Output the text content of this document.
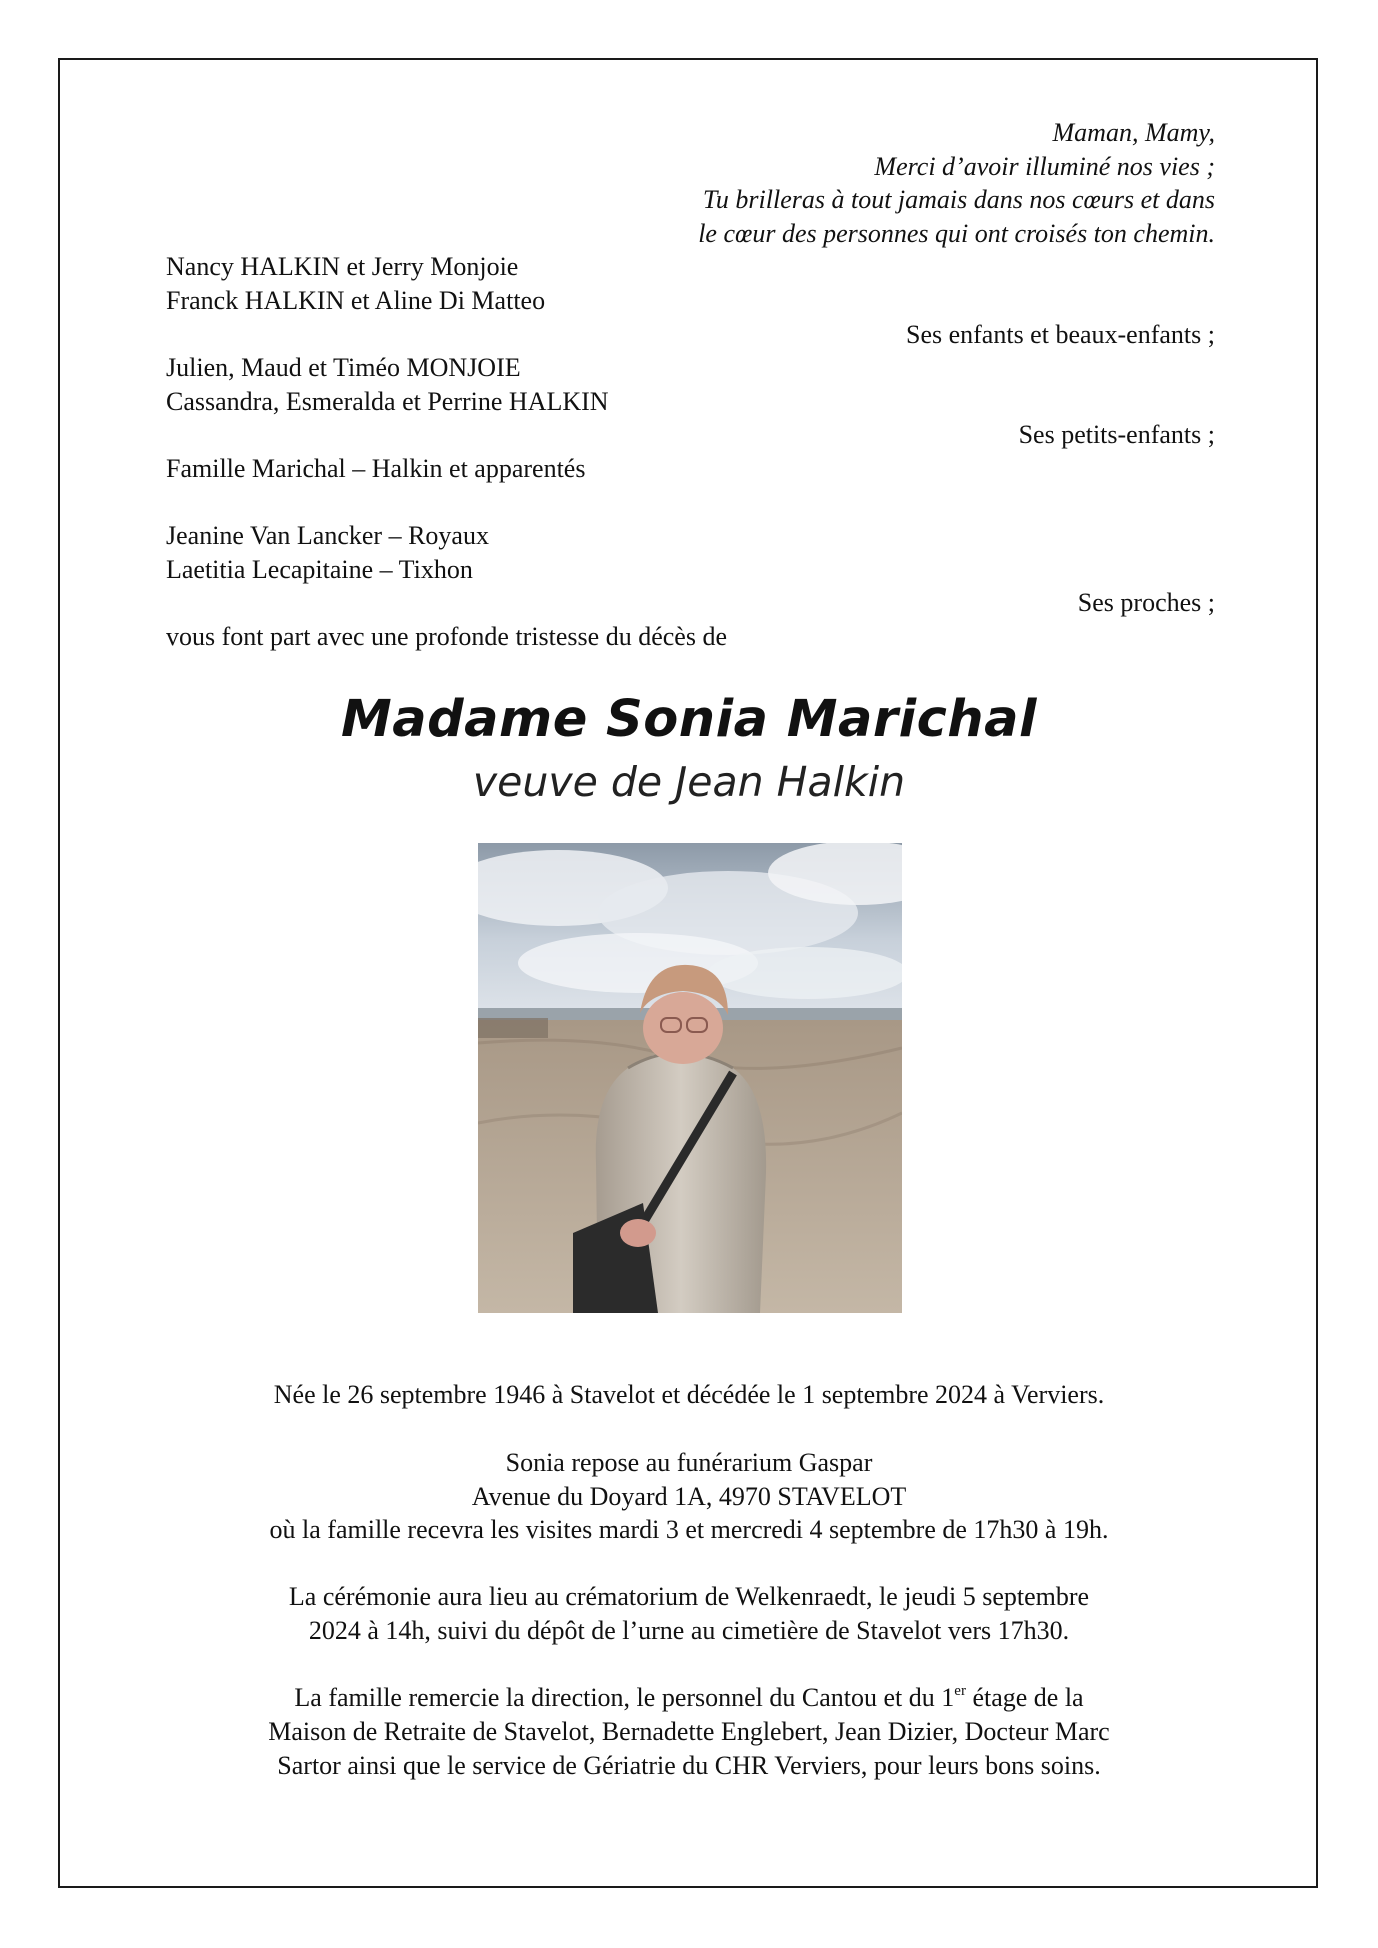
Maman, Mamy,
Merci d’avoir illuminé nos vies ;
Tu brilleras à tout jamais dans nos cœurs et dans
le cœur des personnes qui ont croisés ton chemin.
Nancy HALKIN et Jerry Monjoie
Franck HALKIN et Aline Di Matteo
Ses enfants et beaux-enfants ;
Julien, Maud et Timéo MONJOIE
Cassandra, Esmeralda et Perrine HALKIN
Ses petits-enfants ;
Famille Marichal – Halkin et apparentés
Jeanine Van Lancker – Royaux
Laetitia Lecapitaine – Tixhon
Ses proches ;
vous font part avec une profonde tristesse du décès de
Madame Sonia Marichal
veuve de Jean Halkin
Née le 26 septembre 1946 à Stavelot et décédée le 1 septembre 2024 à Verviers.
Sonia repose au funérarium Gaspar
Avenue du Doyard 1A, 4970 STAVELOT
où la famille recevra les visites mardi 3 et mercredi 4 septembre de 17h30 à 19h.
La cérémonie aura lieu au crématorium de Welkenraedt, le jeudi 5 septembre
2024 à 14h, suivi du dépôt de l’urne au cimetière de Stavelot vers 17h30.
La famille remercie la direction, le personnel du Cantou et du 1er étage de la
Maison de Retraite de Stavelot, Bernadette Englebert, Jean Dizier, Docteur Marc
Sartor ainsi que le service de Gériatrie du CHR Verviers, pour leurs bons soins.
